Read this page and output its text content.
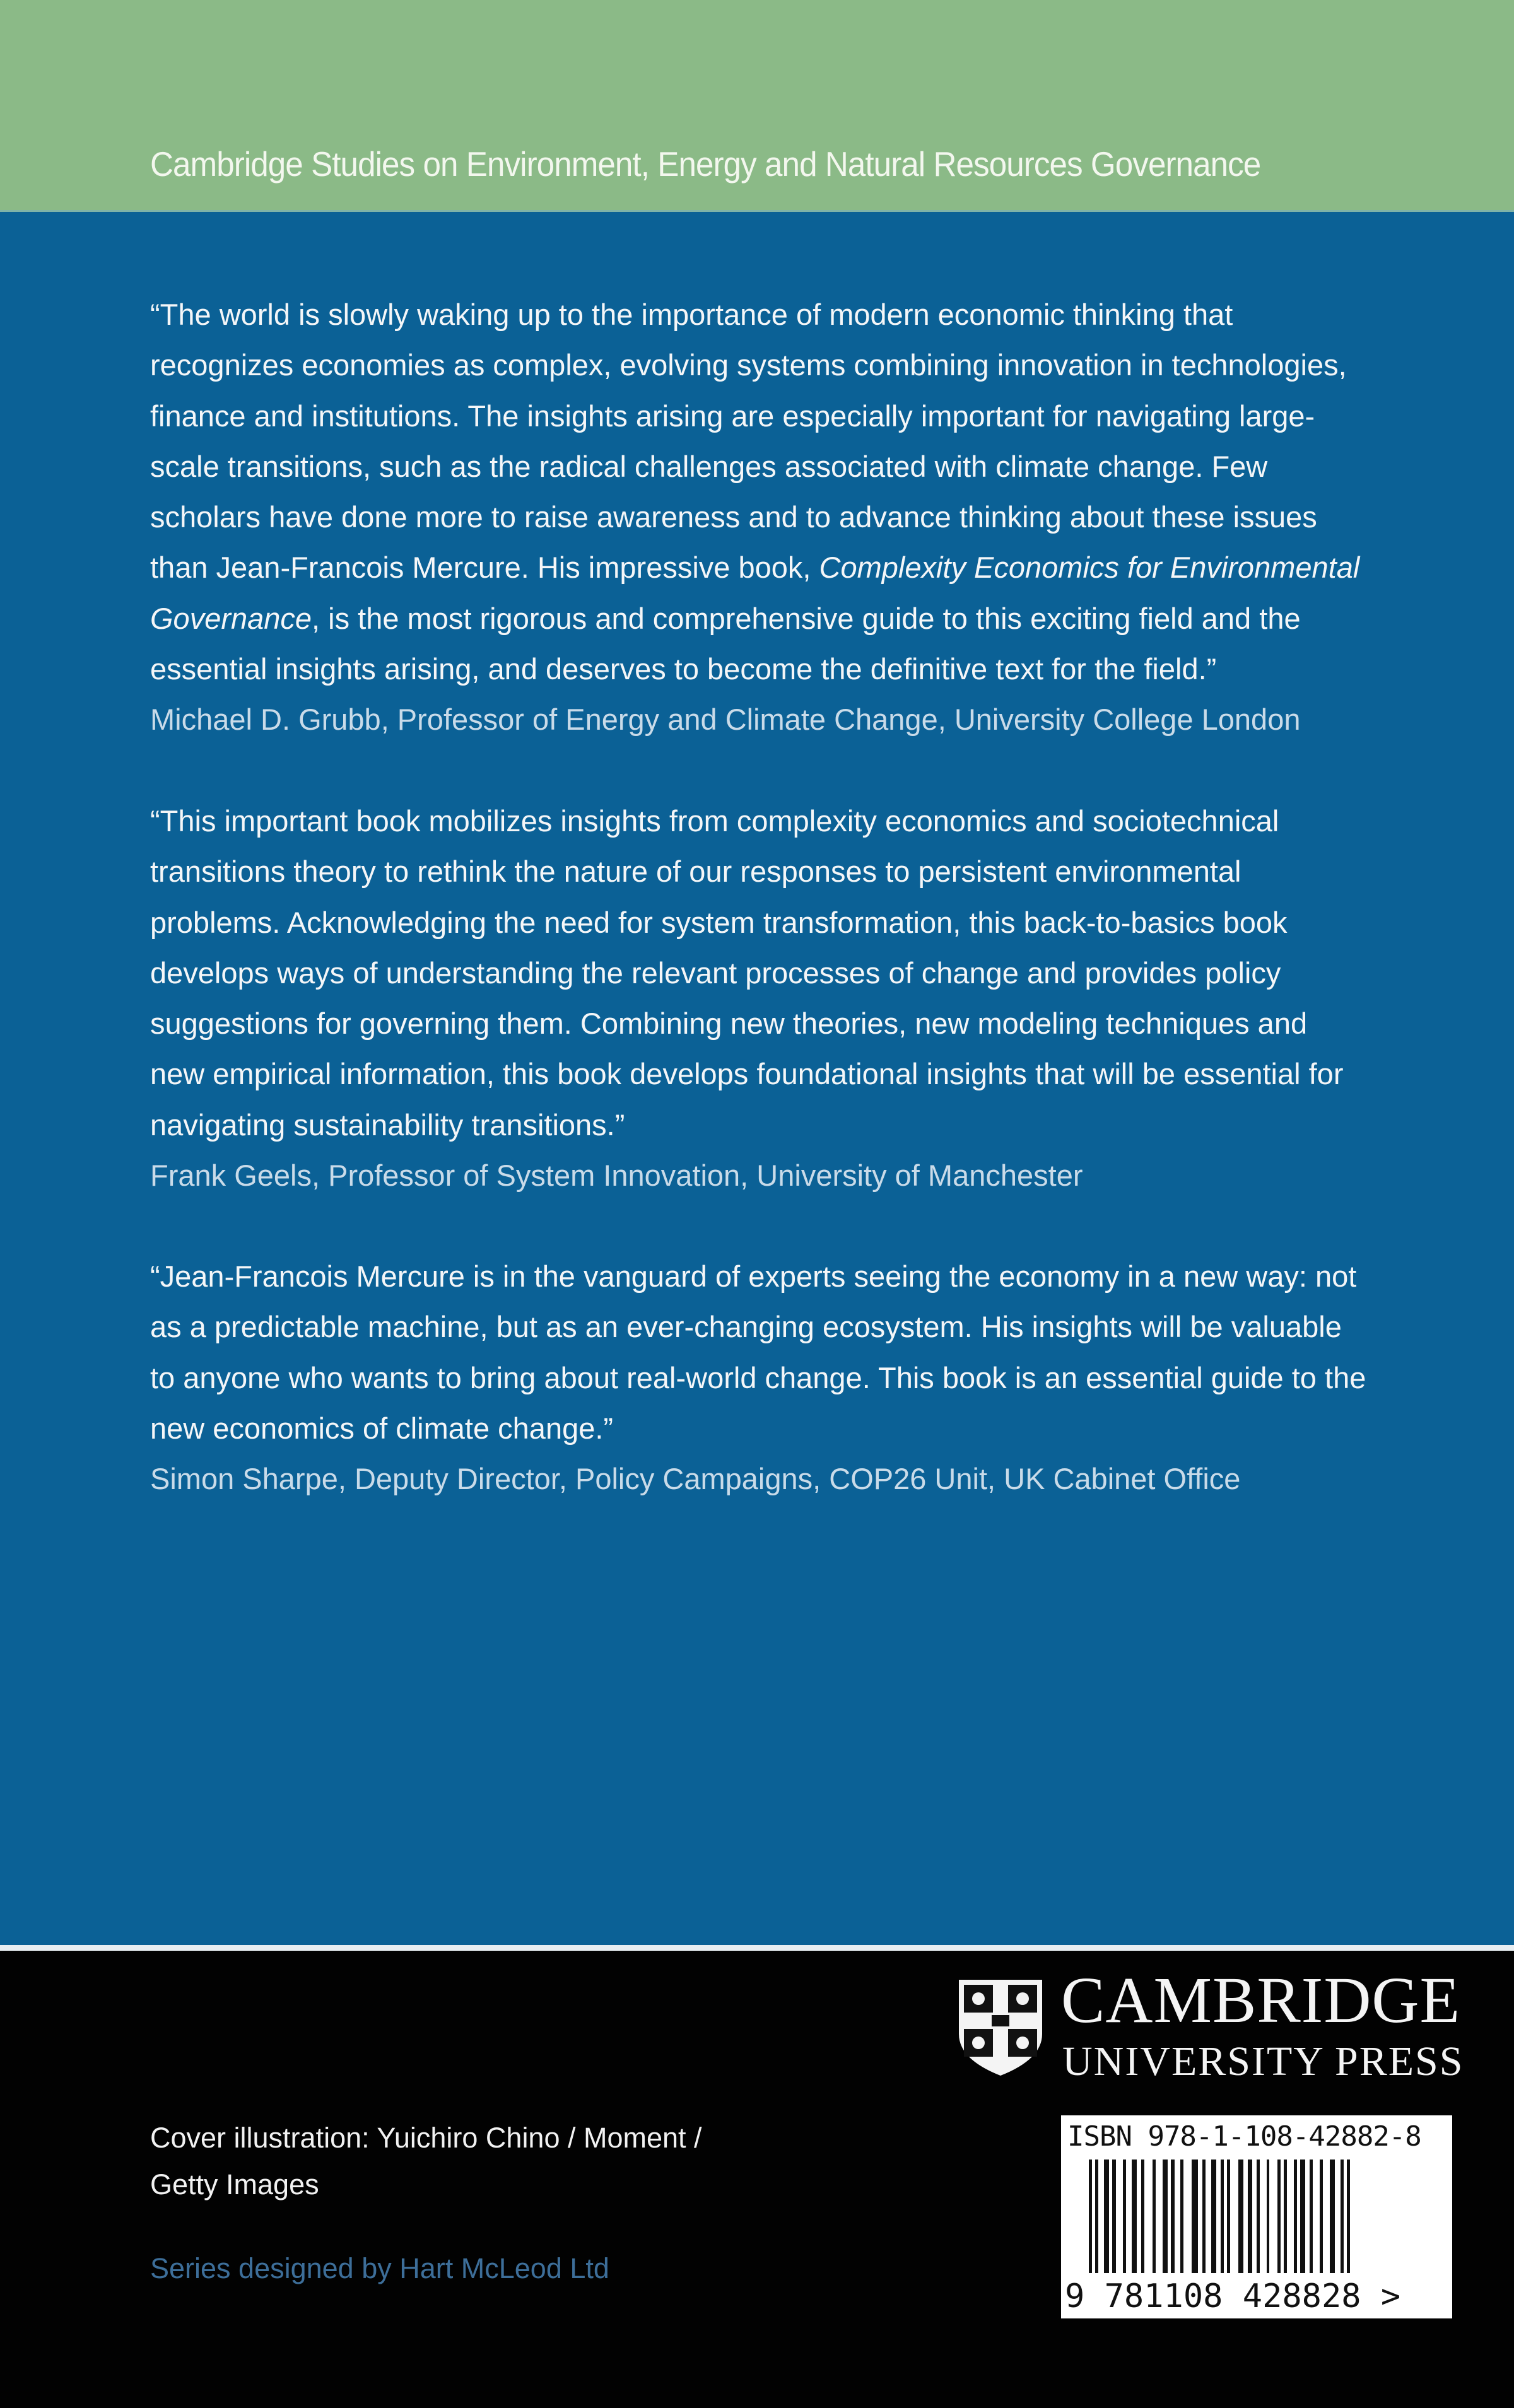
Cambridge Studies on Environment, Energy and Natural Resources Governance
“The world is slowly waking up to the importance of modern economic thinking that
recognizes economies as complex, evolving systems combining innovation in technologies,
finance and institutions. The insights arising are especially important for navigating large-
scale transitions, such as the radical challenges associated with climate change. Few
scholars have done more to raise awareness and to advance thinking about these issues
than Jean-Francois Mercure. His impressive book, Complexity Economics for Environmental
Governance, is the most rigorous and comprehensive guide to this exciting field and the
essential insights arising, and deserves to become the definitive text for the field.”
Michael D. Grubb, Professor of Energy and Climate Change, University College London
“This important book mobilizes insights from complexity economics and sociotechnical
transitions theory to rethink the nature of our responses to persistent environmental
problems. Acknowledging the need for system transformation, this back-to-basics book
develops ways of understanding the relevant processes of change and provides policy
suggestions for governing them. Combining new theories, new modeling techniques and
new empirical information, this book develops foundational insights that will be essential for
navigating sustainability transitions.”
Frank Geels, Professor of System Innovation, University of Manchester
“Jean-Francois Mercure is in the vanguard of experts seeing the economy in a new way: not
as a predictable machine, but as an ever-changing ecosystem. His insights will be valuable
to anyone who wants to bring about real-world change. This book is an essential guide to the
new economics of climate change.”
Simon Sharpe, Deputy Director, Policy Campaigns, COP26 Unit, UK Cabinet Office
Cover illustration: Yuichiro Chino / Moment /
Getty Images
Series designed by Hart McLeod Ltd
CAMBRIDGE
UNIVERSITY PRESS
ISBN 978-1-108-42882-8
9 781108 428828 >
